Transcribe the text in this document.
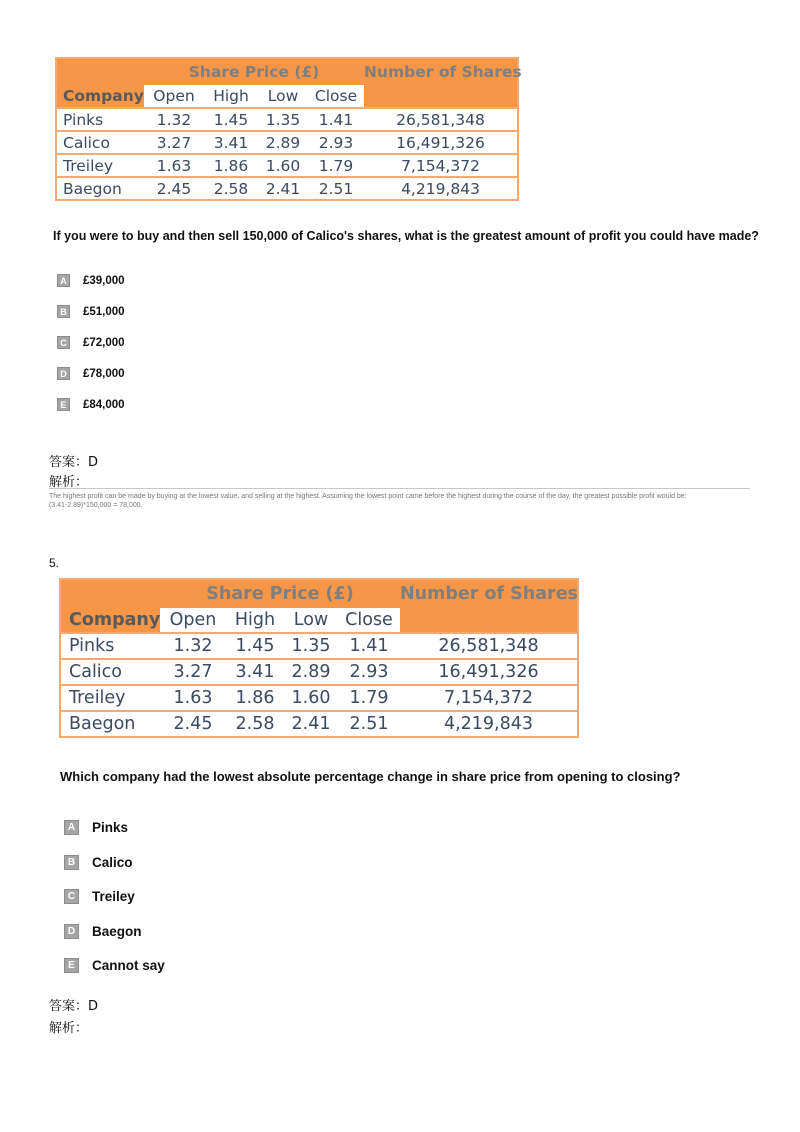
	Share Price (£)				Number of Shares
Company	Open	High	Low	Close	
Pinks	1.32	1.45	1.35	1.41	26,581,348
Calico	3.27	3.41	2.89	2.93	16,491,326
Treiley	1.63	1.86	1.60	1.79	7,154,372
Baegon	2.45	2.58	2.41	2.51	4,219,843
If you were to buy and then sell 150,000 of Calico's shares, what is the greatest amount of profit you could have made?
A £39,000
B £51,000
C £72,000
D £78,000
E	£84,000
答案：D
解析：
The highest profit can be made by buying at the lowest value, and selling at the highest. Assuming the lowest point came before the highest during the course of the day, the greatest possible profit would be:
(3.41-2.89)*150,000 = 78,000.
5.
	Share Price (£)				Number of Shares
Company	Open	High	Low	Close	
Pinks	1.32	1.45	1.35	1.41	26,581,348
Calico	3.27	3.41	2.89	2.93	16,491,326
Treiley	1.63	1.86	1.60	1.79	7,154,372
Baegon	2.45	2.58	2.41	2.51	4,219,843
Which company had the lowest absolute percentage change in share price from opening to closing?
A Pinks
B Calico
C Treiley
D Baegon
E	Cannot say
答案：D
解析：
